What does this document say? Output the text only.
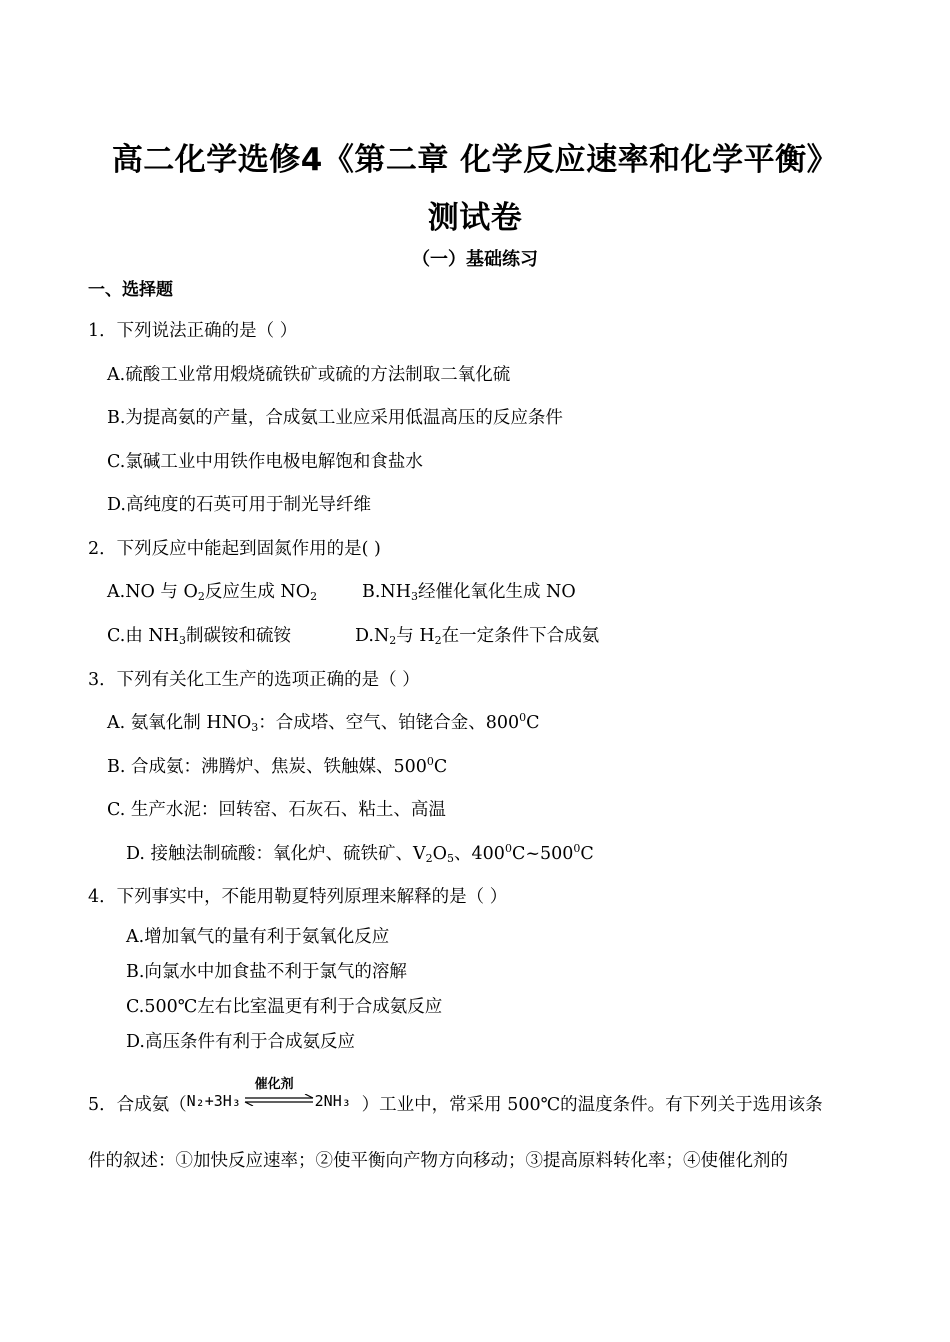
高二化学选修4《第二章 化学反应速率和化学平衡》
测试卷
（一）基础练习
一、选择题
1．下列说法正确的是（ ）
A.硫酸工业常用煅烧硫铁矿或硫的方法制取二氧化硫
B.为提高氨的产量，合成氨工业应采用低温高压的反应条件
C.氯碱工业中用铁作电极电解饱和食盐水
D.高纯度的石英可用于制光导纤维
2．下列反应中能起到固氮作用的是( )
A.NO 与 $O_2$反应生成 $NO_2$	$B.NH_3$经催化氧化生成 NO
C.由 $NH_3$制碳铵和硫铵	$D.N_2$与 $H_2$在一定条件下合成氨
3．下列有关化工生产的选项正确的是（ ）
A. 氨氧化制 $HNO_3$：合成塔、空气、铂铑合金、$800^0C$
B. 合成氨：沸腾炉、焦炭、铁触媒、$500^0C$
C. 生产水泥：回转窑、石灰石、粘土、高温
D. 接触法制硫酸：氧化炉、硫铁矿、$V_2O_5$、$400^0C\sim 500^0C$
4．下列事实中，不能用勒夏特列原理来解释的是（ ）
A.增加氧气的量有利于氨氧化反应
B.向氯水中加食盐不利于氯气的溶解
C.500℃左右比室温更有利于合成氨反应
D.高压条件有利于合成氨反应
5．合成氨（ N₂+3H₃
催化剂
2NH₃ ）工业中，常采用 500℃的温度条件。有下列关于选用该条
件的叙述：①加快反应速率；②使平衡向产物方向移动；③提高原料转化率；④使催化剂的
